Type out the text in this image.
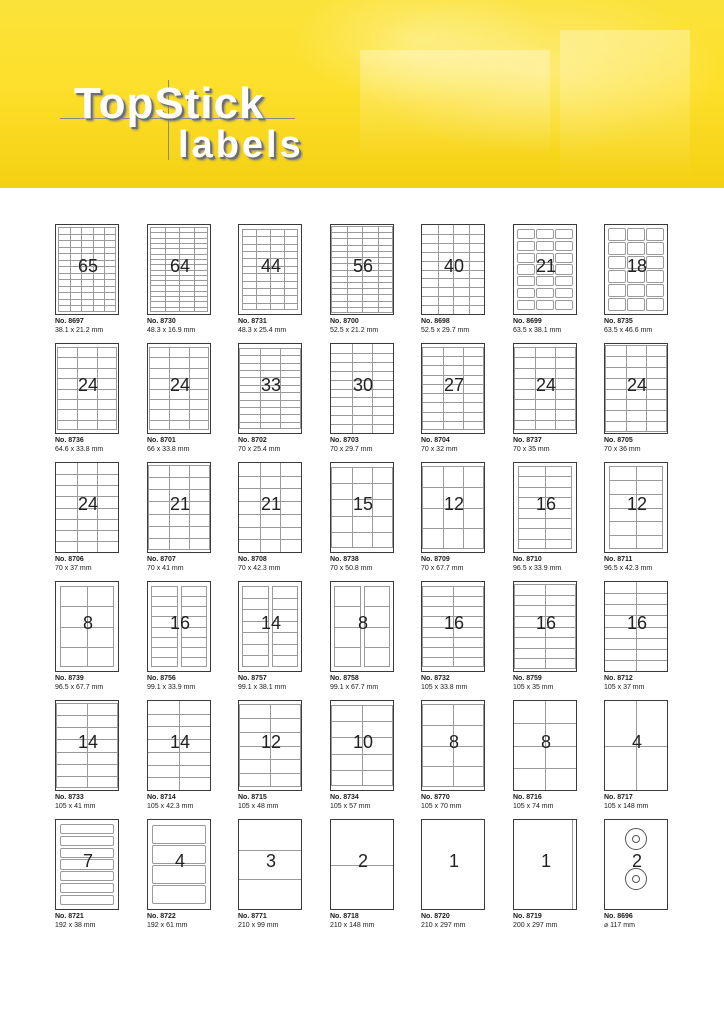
TopStick
labels
65
No. 8697
38.1 x 21.2 mm
64
No. 8730
48.3 x 16.9 mm
44
No. 8731
48.3 x 25.4 mm
56
No. 8700
52.5 x 21.2 mm
40
No. 8698
52.5 x 29.7 mm
21
No. 8699
63.5 x 38.1 mm
18
No. 8735
63.5 x 46.6 mm
24
No. 8736
64.6 x 33.8 mm
24
No. 8701
66 x 33.8 mm
33
No. 8702
70 x 25.4 mm
30
No. 8703
70 x 29.7 mm
27
No. 8704
70 x 32 mm
24
No. 8737
70 x 35 mm
24
No. 8705
70 x 36 mm
24
No. 8706
70 x 37 mm
21
No. 8707
70 x 41 mm
21
No. 8708
70 x 42.3 mm
15
No. 8738
70 x 50.8 mm
12
No. 8709
70 x 67.7 mm
16
No. 8710
96.5 x 33.9 mm
12
No. 8711
96.5 x 42.3 mm
8
No. 8739
96.5 x 67.7 mm
16
No. 8756
99.1 x 33.9 mm
14
No. 8757
99.1 x 38.1 mm
8
No. 8758
99.1 x 67.7 mm
16
No. 8732
105 x 33.8 mm
16
No. 8759
105 x 35 mm
16
No. 8712
105 x 37 mm
14
No. 8733
105 x 41 mm
14
No. 8714
105 x 42.3 mm
12
No. 8715
105 x 48 mm
10
No. 8734
105 x 57 mm
8
No. 8770
105 x 70 mm
8
No. 8716
105 x 74 mm
4
No. 8717
105 x 148 mm
7
No. 8721
192 x 38 mm
4
No. 8722
192 x 61 mm
3
No. 8771
210 x 99 mm
2
No. 8718
210 x 148 mm
1
No. 8720
210 x 297 mm
1
No. 8719
200 x 297 mm
2
No. 8696
⌀ 117 mm
